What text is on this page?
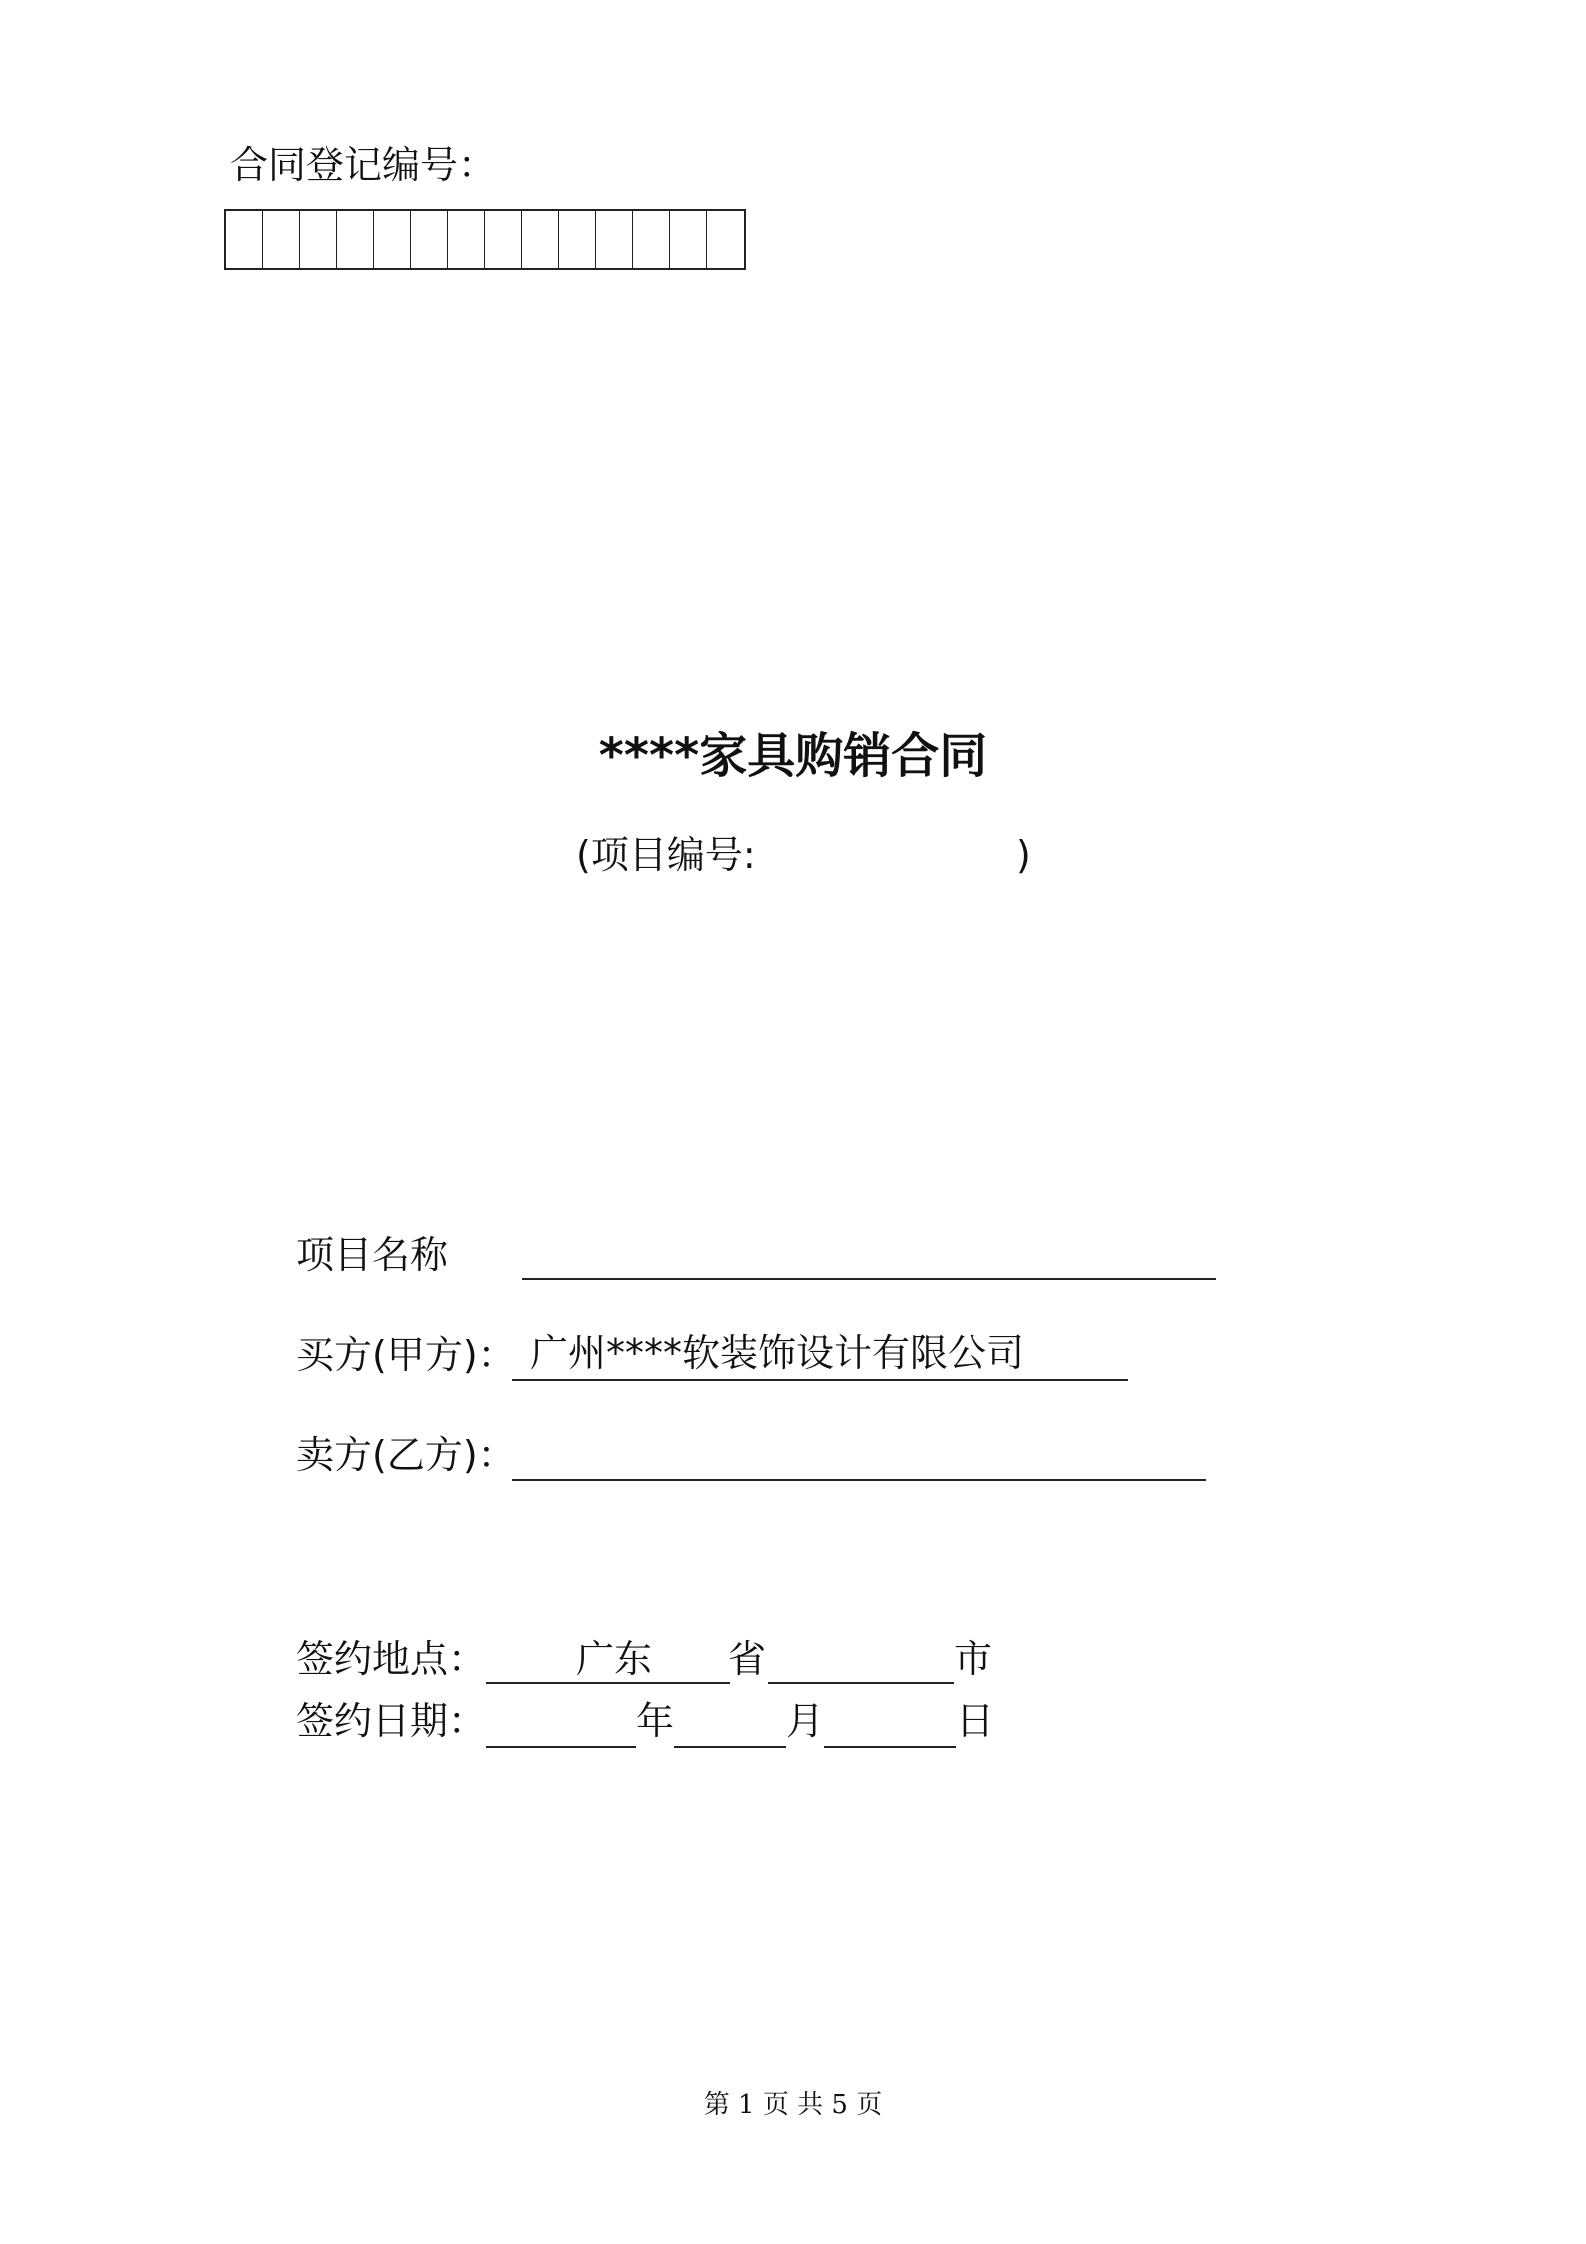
合同登记编号：
****家具购销合同
(项目编号:	)
项目名称
买方(甲方)： 广州****软装饰设计有限公司
卖方(乙方)：
签约地点： 广东 省	市
签约日期：	年	月	日
第 1 页 共 5 页
